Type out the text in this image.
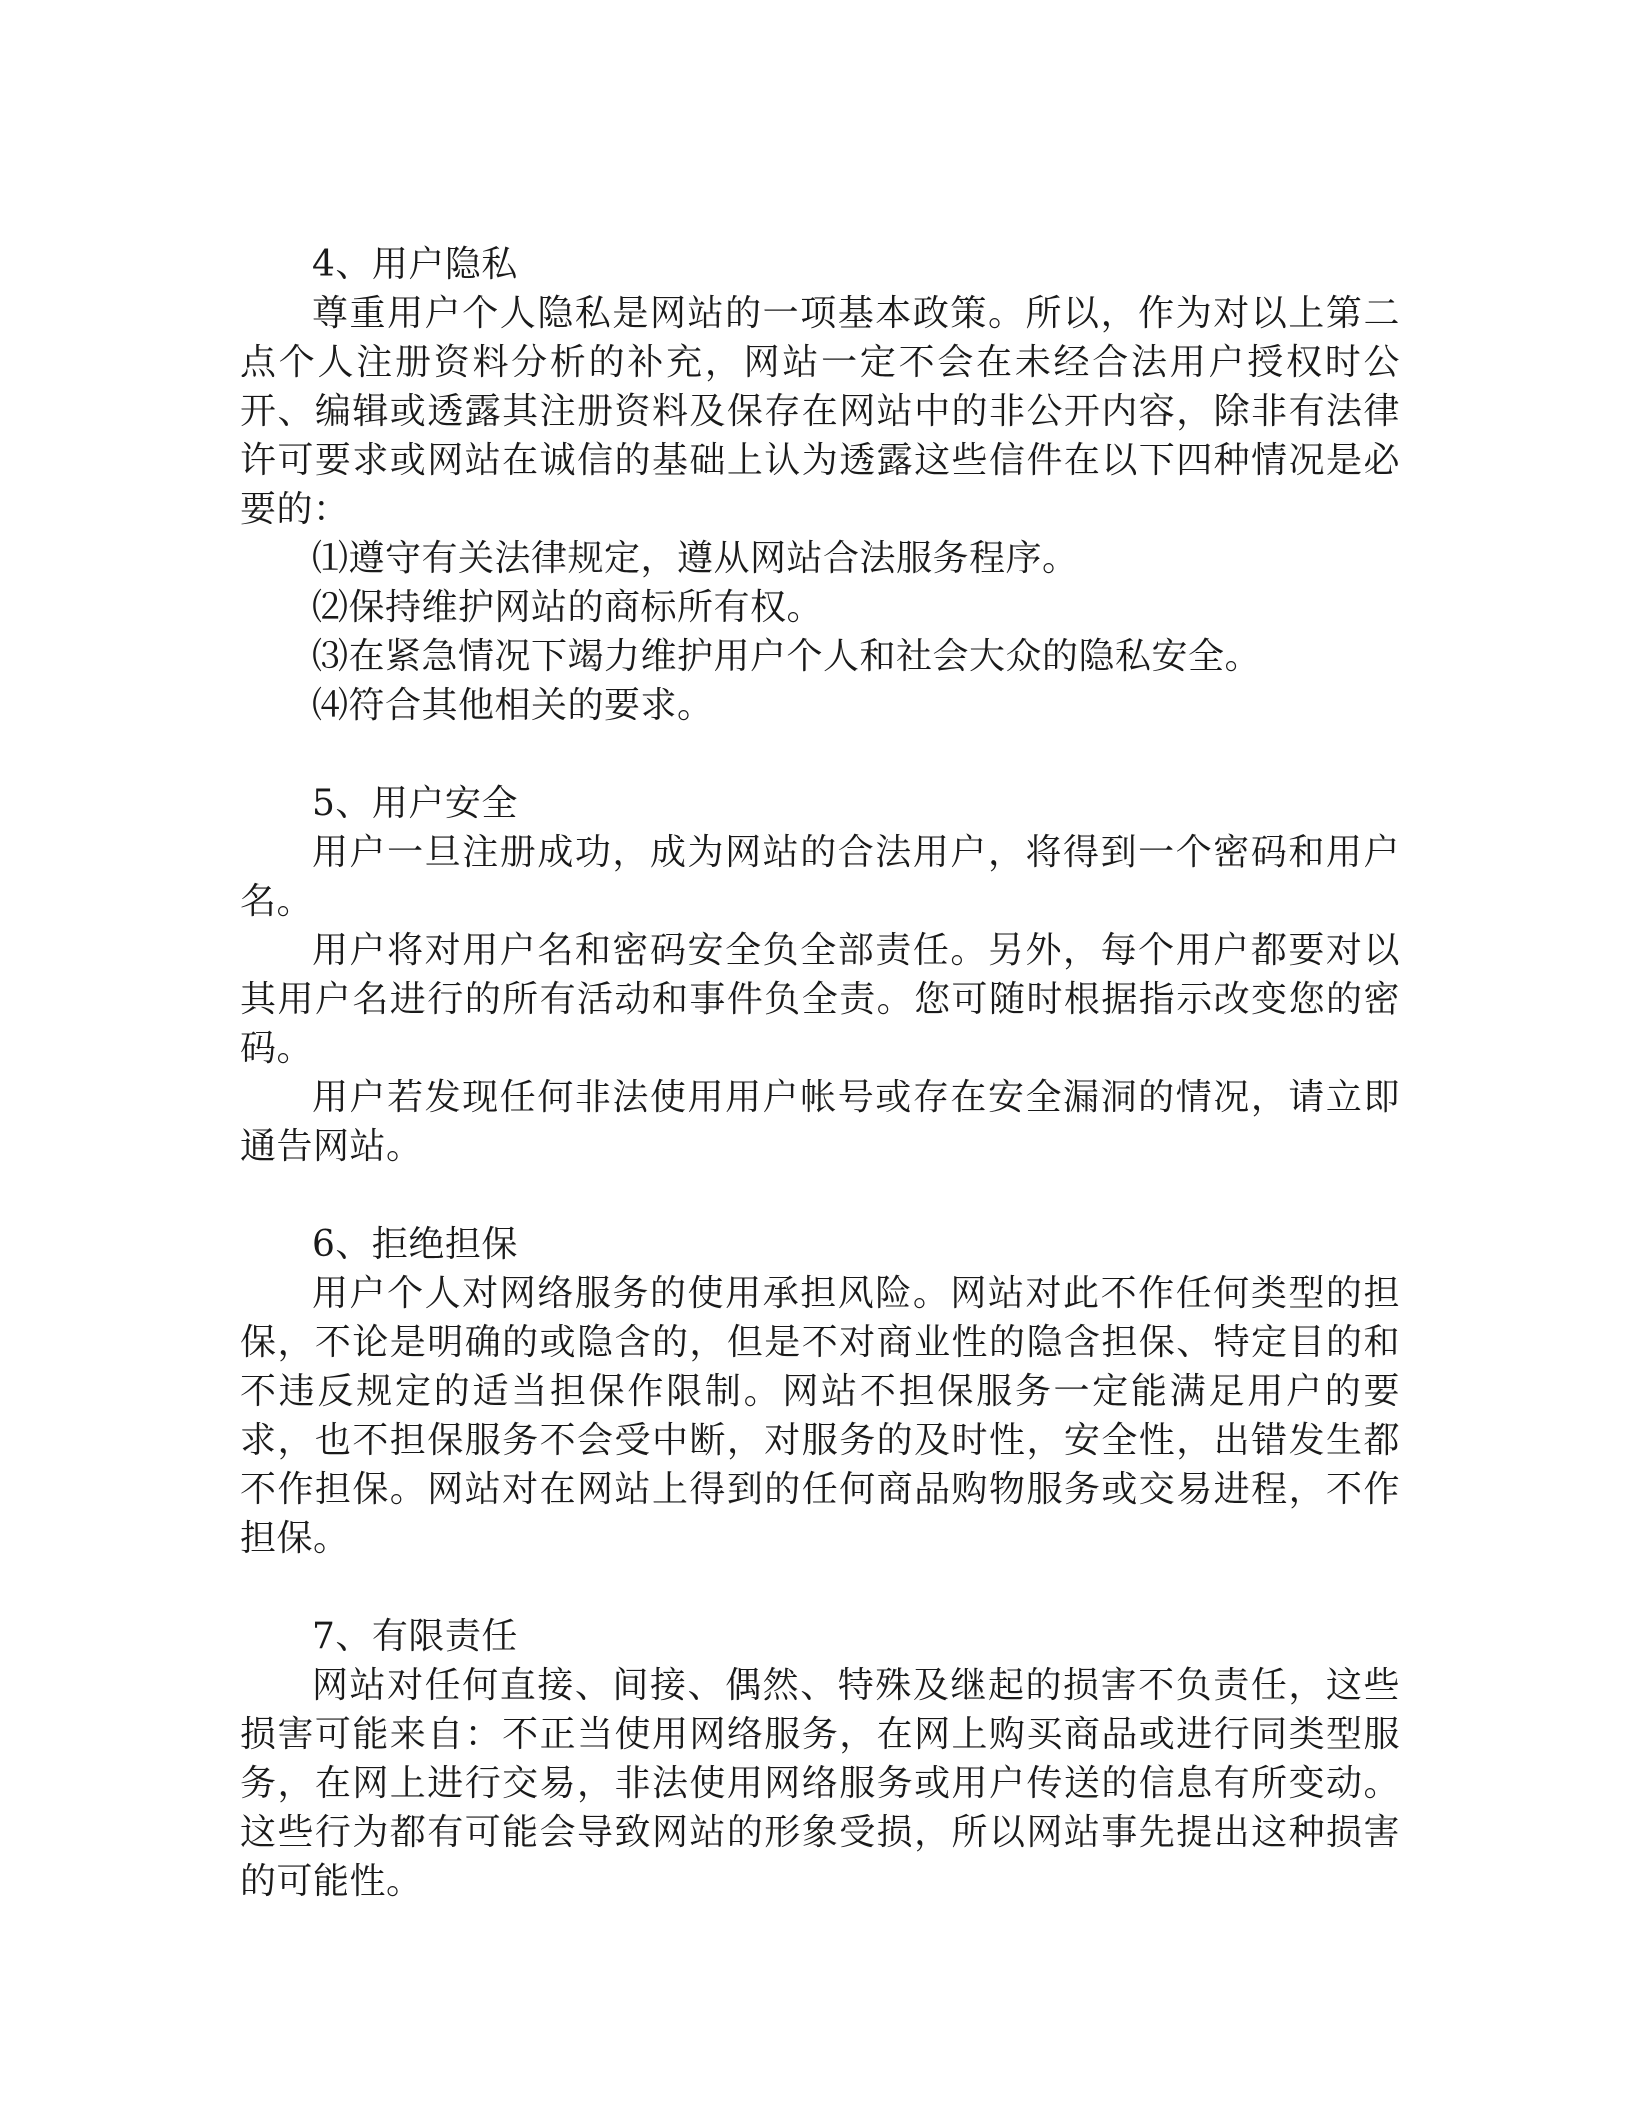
4、用户隐私

尊重用户个人隐私是网站的一项基本政策。所以，作为对以上第二点个人注册资料分析的补充，网站一定不会在未经合法用户授权时公开、编辑或透露其注册资料及保存在网站中的非公开内容，除非有法律许可要求或网站在诚信的基础上认为透露这些信件在以下四种情况是必要的：

⑴遵守有关法律规定，遵从网站合法服务程序。

⑵保持维护网站的商标所有权。

⑶在紧急情况下竭力维护用户个人和社会大众的隐私安全。

⑷符合其他相关的要求。

5、用户安全

用户一旦注册成功，成为网站的合法用户，将得到一个密码和用户名。

用户将对用户名和密码安全负全部责任。另外，每个用户都要对以其用户名进行的所有活动和事件负全责。您可随时根据指示改变您的密码。

用户若发现任何非法使用用户帐号或存在安全漏洞的情况，请立即通告网站。

6、拒绝担保

用户个人对网络服务的使用承担风险。网站对此不作任何类型的担保，不论是明确的或隐含的，但是不对商业性的隐含担保、特定目的和不违反规定的适当担保作限制。网站不担保服务一定能满足用户的要求，也不担保服务不会受中断，对服务的及时性，安全性，出错发生都不作担保。网站对在网站上得到的任何商品购物服务或交易进程，不作担保。

7、有限责任

网站对任何直接、间接、偶然、特殊及继起的损害不负责任，这些损害可能来自：不正当使用网络服务，在网上购买商品或进行同类型服务，在网上进行交易，非法使用网络服务或用户传送的信息有所变动。这些行为都有可能会导致网站的形象受损，所以网站事先提出这种损害的可能性。
